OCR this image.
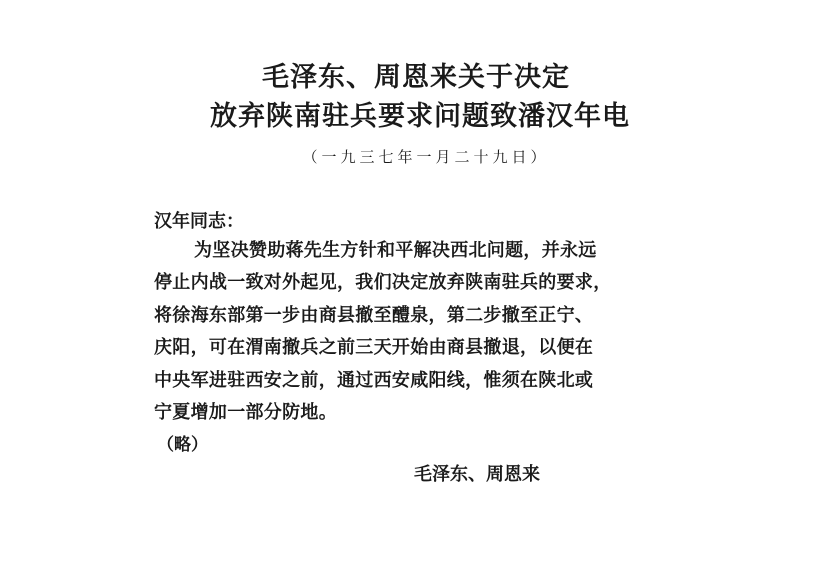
毛泽东、周恩来关于决定
放弃陕南驻兵要求问题致潘汉年电
（一九三七年一月二十九日）
汉年同志：
为坚决赞助蒋先生方针和平解决西北问题，并永远
停止内战一致对外起见，我们决定放弃陕南驻兵的要求，
将徐海东部第一步由商县撤至醴泉，第二步撤至正宁、
庆阳，可在渭南撤兵之前三天开始由商县撤退，以便在
中央军进驻西安之前，通过西安咸阳线，惟须在陕北或
宁夏增加一部分防地。
（略）
毛泽东、周恩来
